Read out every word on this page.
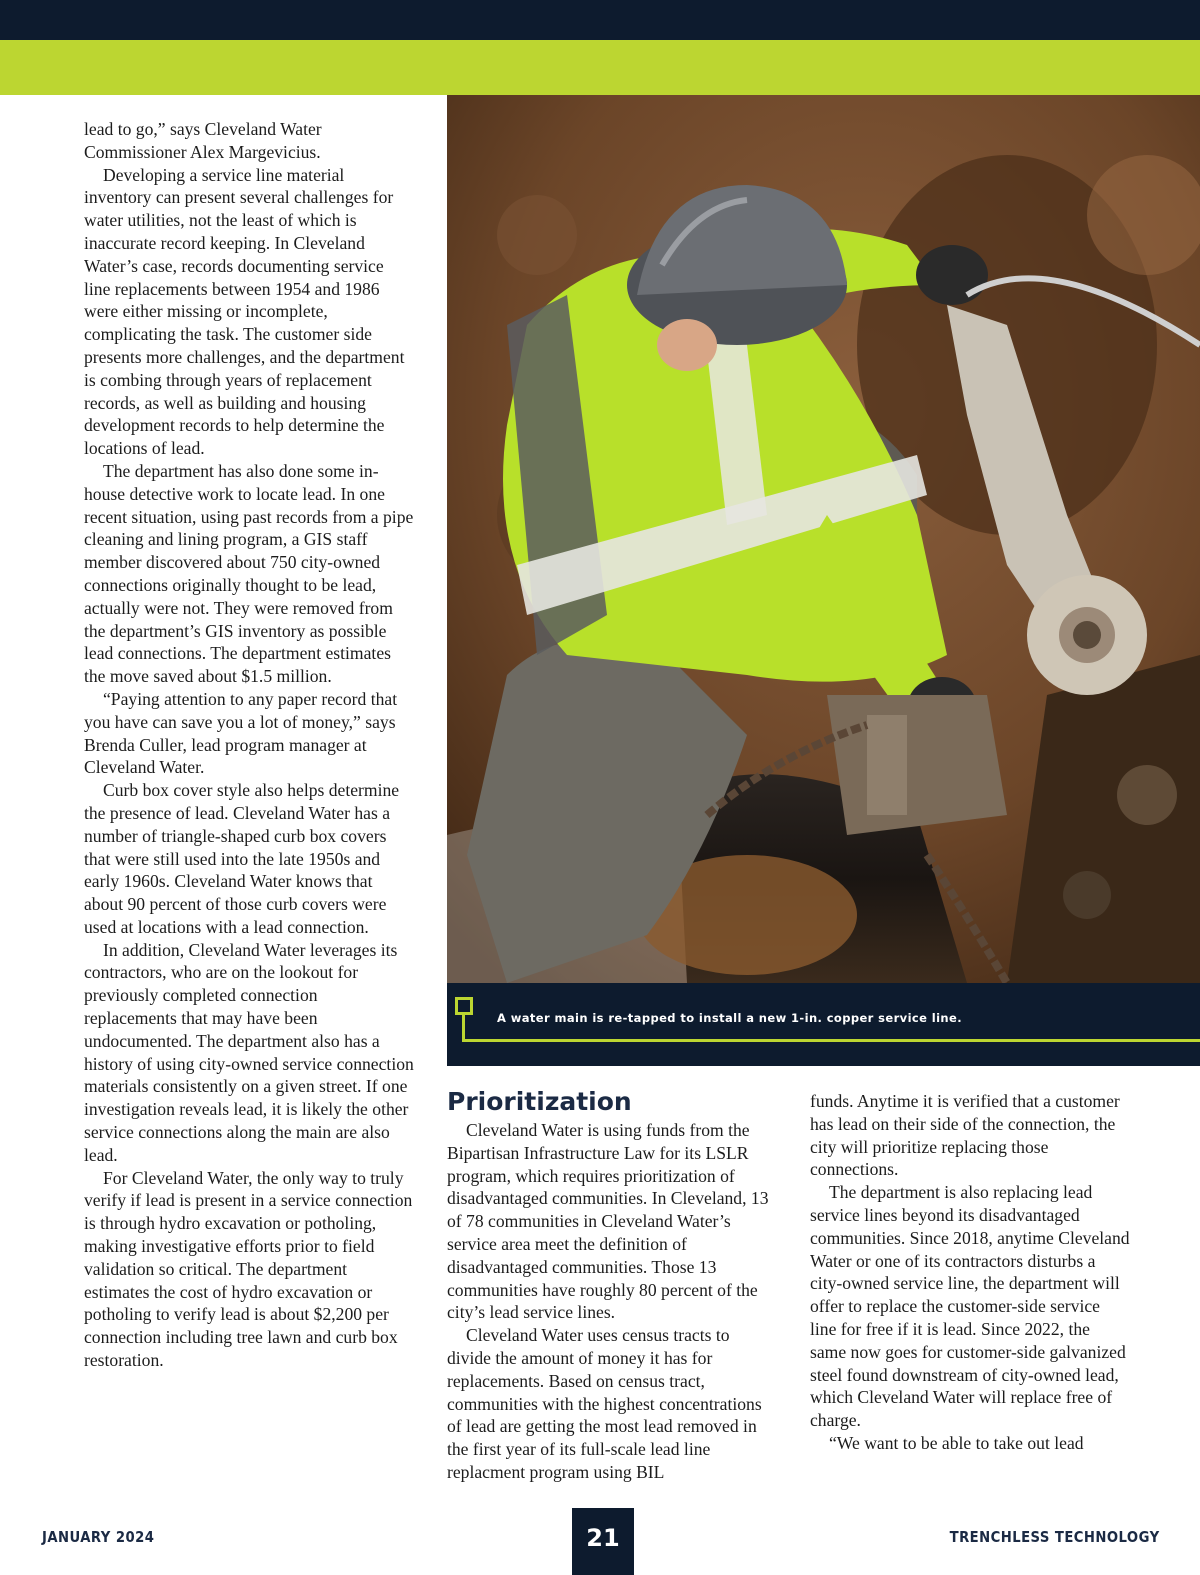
lead to go,” says Cleveland Water Commissioner Alex Margevicius.

Developing a service line material inventory can present several challenges for water utilities, not the least of which is inaccurate record keeping. In Cleveland Water’s case, records documenting service line replacements between 1954 and 1986 were either missing or incomplete, complicating the task. The customer side presents more challenges, and the department is combing through years of replacement records, as well as building and housing development records to help determine the locations of lead.

The department has also done some in-house detective work to locate lead. In one recent situation, using past records from a pipe cleaning and lining program, a GIS staff member discovered about 750 city-owned connections originally thought to be lead, actually were not. They were removed from the department’s GIS inventory as possible lead connections. The department estimates the move saved about $1.5 million.

“Paying attention to any paper record that you have can save you a lot of money,” says Brenda Culler, lead program manager at Cleveland Water.

Curb box cover style also helps determine the presence of lead. Cleveland Water has a number of triangle-shaped curb box covers that were still used into the late 1950s and early 1960s. Cleveland Water knows that about 90 percent of those curb covers were used at locations with a lead connection.

In addition, Cleveland Water leverages its contractors, who are on the lookout for previously completed connection replacements that may have been undocumented. The department also has a history of using city-owned service connection materials consistently on a given street. If one investigation reveals lead, it is likely the other service connections along the main are also lead.

For Cleveland Water, the only way to truly verify if lead is present in a service connection is through hydro excavation or potholing, making investigative efforts prior to field validation so critical. The department estimates the cost of hydro excavation or potholing to verify lead is about $2,200 per connection including tree lawn and curb box restoration.

A water main is re-tapped to install a new 1-in. copper service line.
Prioritization

Cleveland Water is using funds from the Bipartisan Infrastructure Law for its LSLR program, which requires prioritization of disadvantaged communities. In Cleveland, 13 of 78 communities in Cleveland Water’s service area meet the definition of disadvantaged communities. Those 13 communities have roughly 80 percent of the city’s lead service lines.

Cleveland Water uses census tracts to divide the amount of money it has for replacements. Based on census tract, communities with the highest concentrations of lead are getting the most lead removed in the first year of its full-scale lead line replacment program using BIL

funds. Anytime it is verified that a customer has lead on their side of the connection, the city will prioritize replacing those connections.

The department is also replacing lead service lines beyond its disadvantaged communities. Since 2018, anytime Cleveland Water or one of its contractors disturbs a city-owned service line, the department will offer to replace the customer-side service line for free if it is lead. Since 2022, the same now goes for customer-side galvanized steel found downstream of city-owned lead, which Cleveland Water will replace free of charge.

“We want to be able to take out lead

JANUARY 2024	21	TRENCHLESS TECHNOLOGY
